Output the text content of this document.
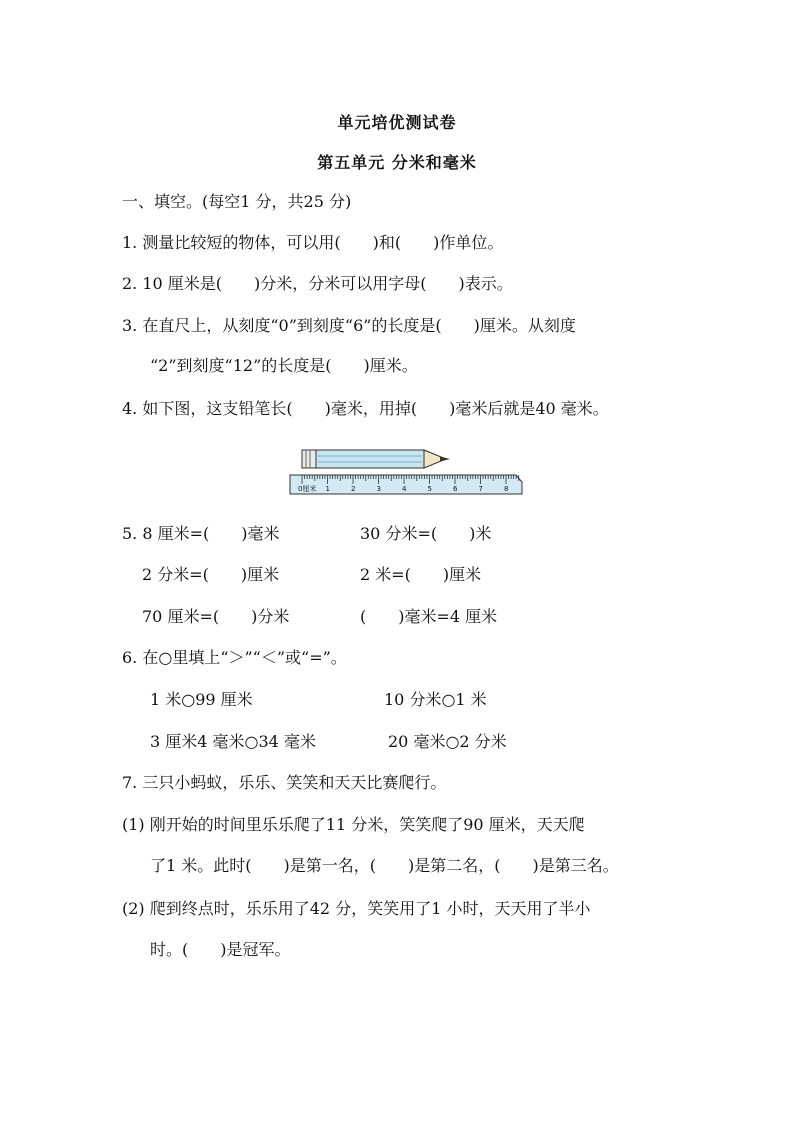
单元培优测试卷
第五单元 分米和毫米
一、填空。(每空1 分，共25 分)
1. 测量比较短的物体，可以用(　　)和(　　)作单位。
2. 10 厘米是(　　)分米，分米可以用字母(　　)表示。
3. 在直尺上，从刻度“0”到刻度“6”的长度是(　　)厘米。从刻度
“2”到刻度“12”的长度是(　　)厘米。
4. 如下图，这支铅笔长(　　)毫米，用掉(　　)毫米后就是40 毫米。
0厘米 1	2	3	4	5	6	7	8
5. 8 厘米=(　　)毫米	30 分米=(　　)米
2 分米=(　　)厘米	2 米=(　　)厘米
70 厘米=(　　)分米	(　　)毫米=4 厘米
6. 在○里填上“＞”“＜”或“=”。
1 米○99 厘米	10 分米○1 米
3 厘米4 毫米○34 毫米	20 毫米○2 分米
7. 三只小蚂蚁，乐乐、笑笑和天天比赛爬行。
(1) 刚开始的时间里乐乐爬了11 分米，笑笑爬了90 厘米，天天爬
了1 米。此时(　　)是第一名，(　　)是第二名，(　　)是第三名。
(2) 爬到终点时，乐乐用了42 分，笑笑用了1 小时，天天用了半小
时。(　　)是冠军。
